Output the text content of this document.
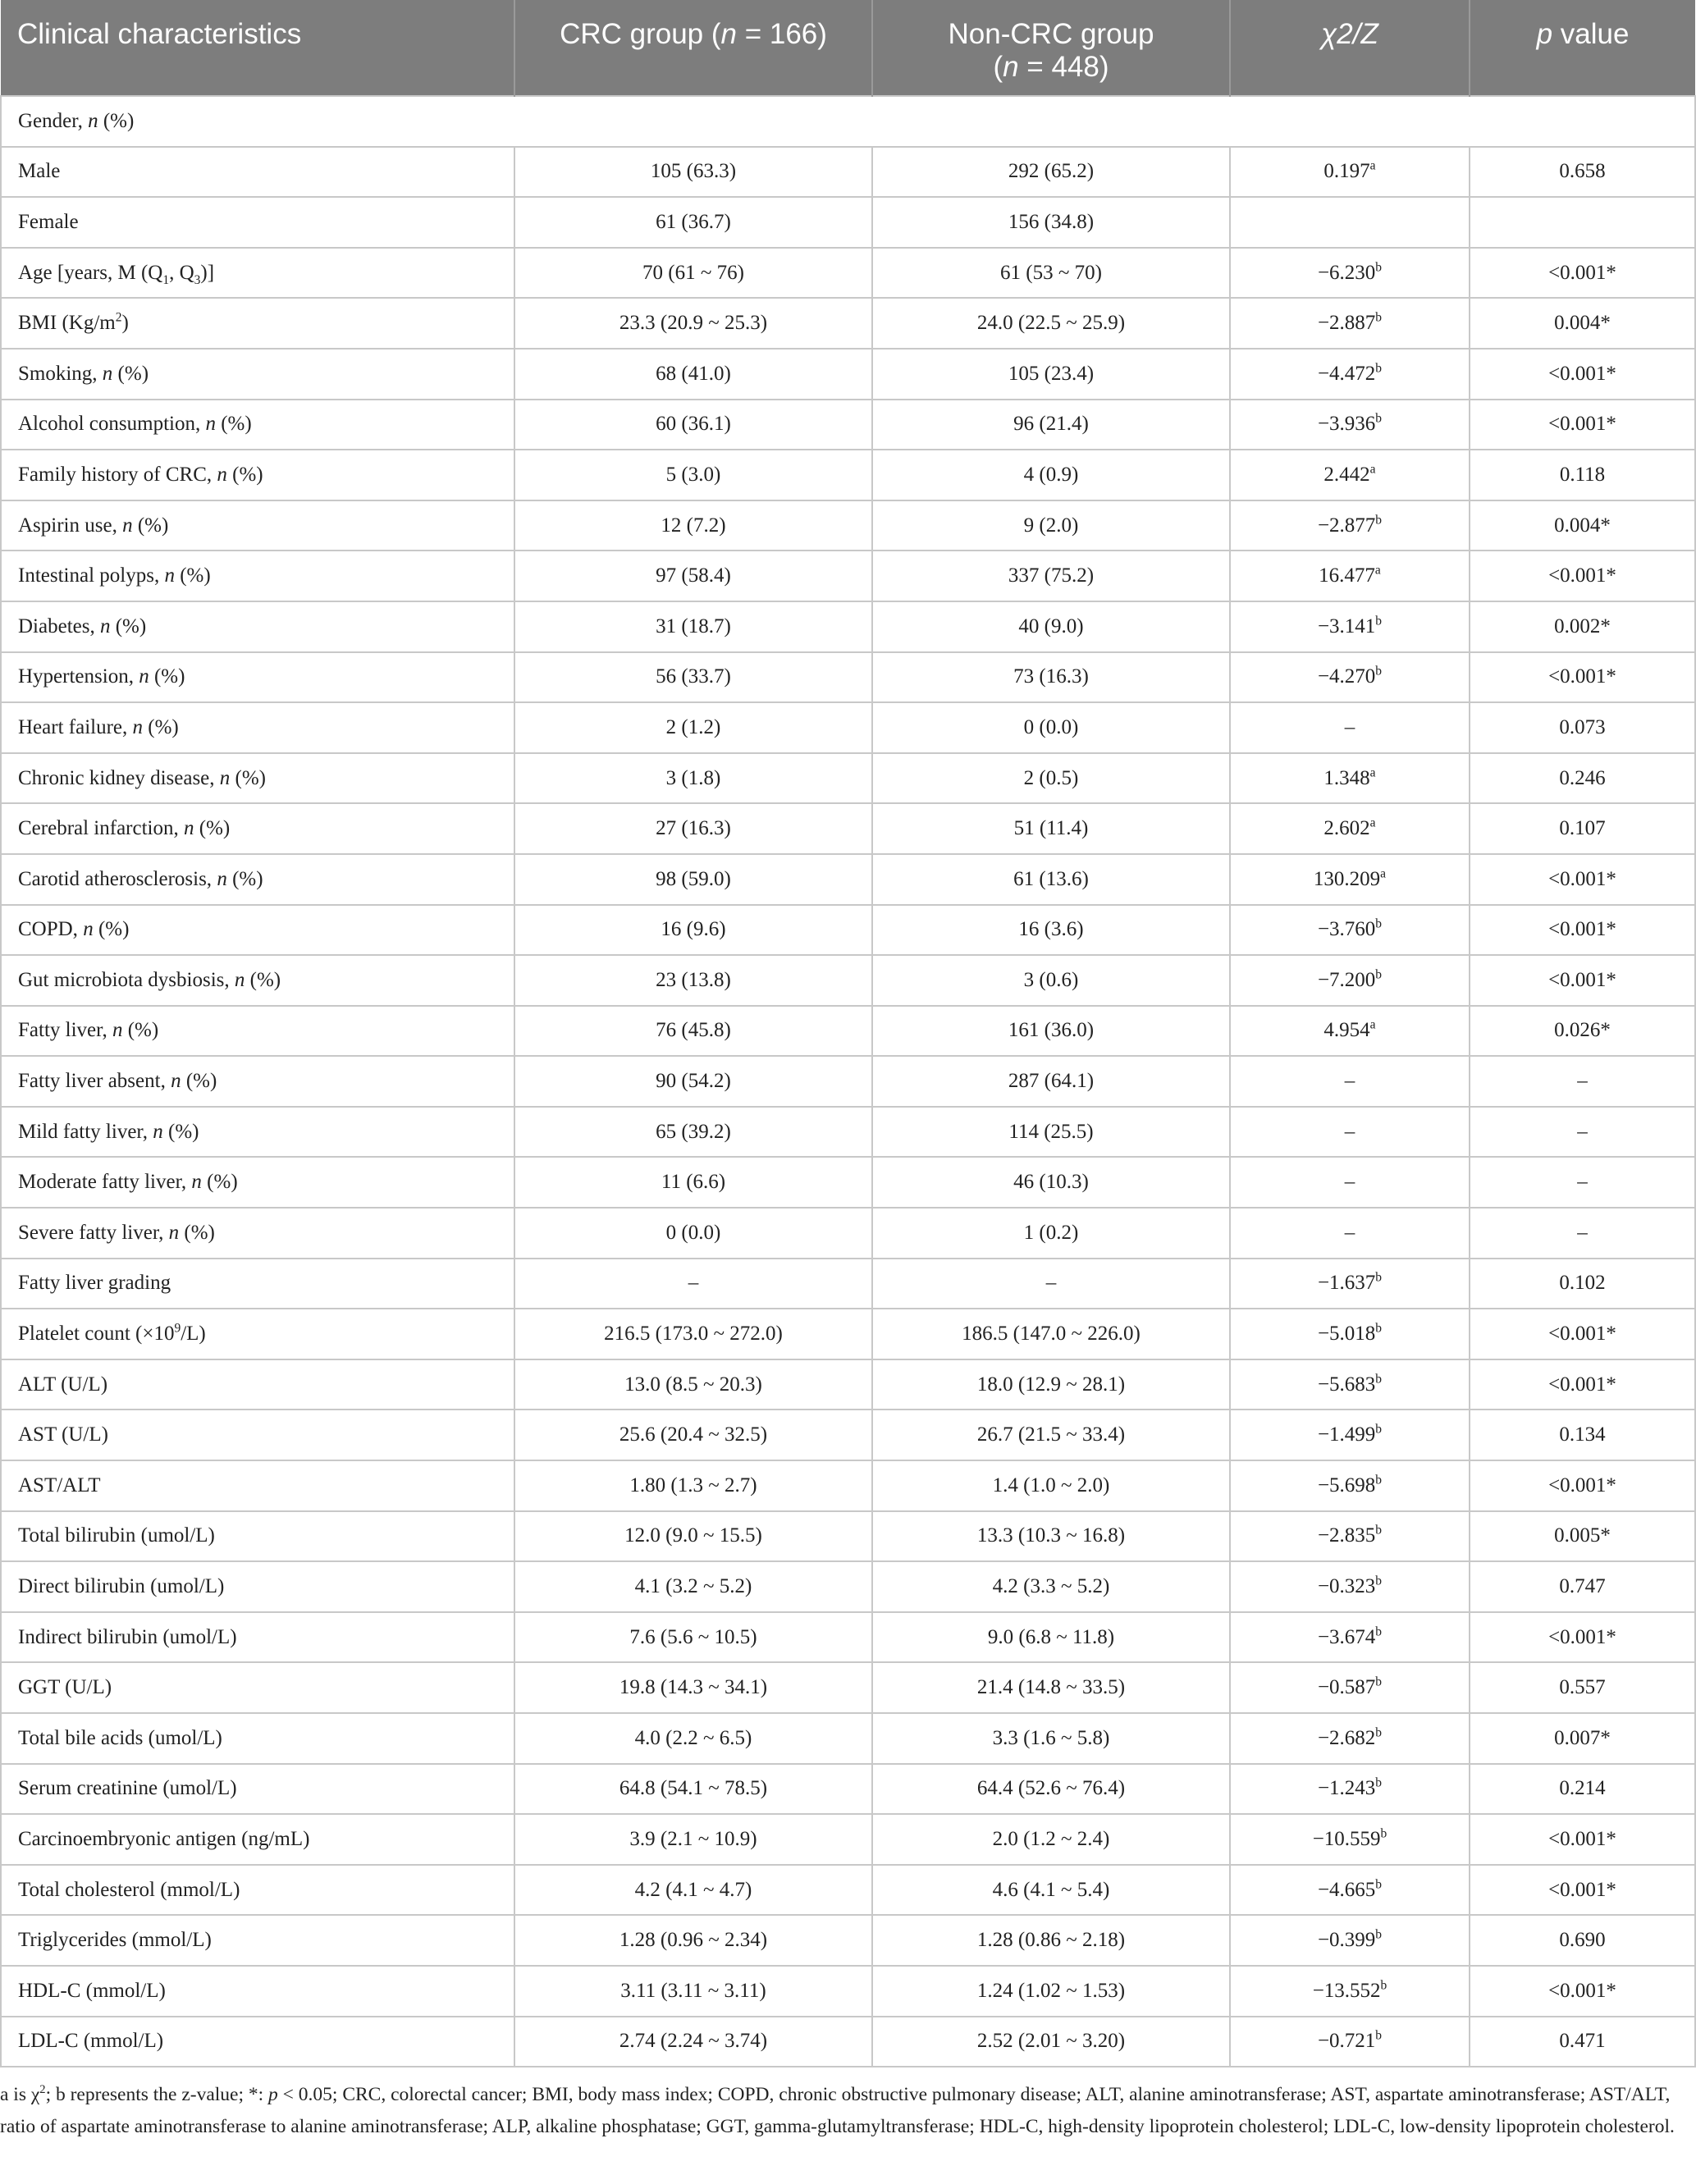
Clinical characteristics	CRC group (n = 166)	Non-CRC group
(n = 448)	χ2/Z	p value
Gender, n (%)				
Male	105 (63.3)	292 (65.2)	0.197$^a$	0.658
Female	61 (36.7)	156 (34.8)		
Age [years, M ($Q_1$, $Q_3$)]	70 (61 ~ 76)	61 (53 ~ 70)	−6.230$^b$	<0.001*
BMI $(Kg/m^2)$	23.3 (20.9 ~ 25.3)	24.0 (22.5 ~ 25.9)	−2.887$^b$	0.004*
Smoking, n (%)	68 (41.0)	105 (23.4)	−4.472$^b$	<0.001*
Alcohol consumption, n (%)	60 (36.1)	96 (21.4)	−3.936$^b$	<0.001*
Family history of CRC, n (%)	5 (3.0)	4 (0.9)	2.442$^a$	0.118
Aspirin use, n (%)	12 (7.2)	9 (2.0)	−2.877$^b$	0.004*
Intestinal polyps, n (%)	97 (58.4)	337 (75.2)	16.477$^a$	<0.001*
Diabetes, n (%)	31 (18.7)	40 (9.0)	−3.141$^b$	0.002*
Hypertension, n (%)	56 (33.7)	73 (16.3)	−4.270$^b$	<0.001*
Heart failure, n (%)	2 (1.2)	0 (0.0)	–	0.073
Chronic kidney disease, n (%)	3 (1.8)	2 (0.5)	1.348$^a$	0.246
Cerebral infarction, n (%)	27 (16.3)	51 (11.4)	2.602$^a$	0.107
Carotid atherosclerosis, n (%)	98 (59.0)	61 (13.6)	130.209$^a$	<0.001*
COPD, n (%)	16 (9.6)	16 (3.6)	−3.760$^b$	<0.001*
Gut microbiota dysbiosis, n (%)	23 (13.8)	3 (0.6)	−7.200$^b$	<0.001*
Fatty liver, n (%)	76 (45.8)	161 (36.0)	4.954$^a$	0.026*
Fatty liver absent, n (%)	90 (54.2)	287 (64.1)	–	–
Mild fatty liver, n (%)	65 (39.2)	114 (25.5)	–	–
Moderate fatty liver, n (%)	11 (6.6)	46 (10.3)	–	–
Severe fatty liver, n (%)	0 (0.0)	1 (0.2)	–	–
Fatty liver grading	–	–	−1.637$^b$	0.102
Platelet count $(\times 10^9/L)$	216.5 (173.0 ~ 272.0)	186.5 (147.0 ~ 226.0)	−5.018$^b$	<0.001*
ALT (U/L)	13.0 (8.5 ~ 20.3)	18.0 (12.9 ~ 28.1)	−5.683$^b$	<0.001*
AST (U/L)	25.6 (20.4 ~ 32.5)	26.7 (21.5 ~ 33.4)	−1.499$^b$	0.134
AST/ALT	1.80 (1.3 ~ 2.7)	1.4 (1.0 ~ 2.0)	−5.698$^b$	<0.001*
Total bilirubin (umol/L)	12.0 (9.0 ~ 15.5)	13.3 (10.3 ~ 16.8)	−2.835$^b$	0.005*
Direct bilirubin (umol/L)	4.1 (3.2 ~ 5.2)	4.2 (3.3 ~ 5.2)	−0.323$^b$	0.747
Indirect bilirubin (umol/L)	7.6 (5.6 ~ 10.5)	9.0 (6.8 ~ 11.8)	−3.674$^b$	<0.001*
GGT (U/L)	19.8 (14.3 ~ 34.1)	21.4 (14.8 ~ 33.5)	−0.587$^b$	0.557
Total bile acids (umol/L)	4.0 (2.2 ~ 6.5)	3.3 (1.6 ~ 5.8)	−2.682$^b$	0.007*
Serum creatinine (umol/L)	64.8 (54.1 ~ 78.5)	64.4 (52.6 ~ 76.4)	−1.243$^b$	0.214
Carcinoembryonic antigen (ng/mL)	3.9 (2.1 ~ 10.9)	2.0 (1.2 ~ 2.4)	−10.559$^b$	<0.001*
Total cholesterol (mmol/L)	4.2 (4.1 ~ 4.7)	4.6 (4.1 ~ 5.4)	−4.665$^b$	<0.001*
Triglycerides (mmol/L)	1.28 (0.96 ~ 2.34)	1.28 (0.86 ~ 2.18)	−0.399$^b$	0.690
HDL-C (mmol/L)	3.11 (3.11 ~ 3.11)	1.24 (1.02 ~ 1.53)	−13.552$^b$	<0.001*
LDL-C (mmol/L)	2.74 (2.24 ~ 3.74)	2.52 (2.01 ~ 3.20)	−0.721$^b$	0.471
a is $\chi^2$; b represents the z-value; *: p < 0.05; CRC, colorectal cancer; BMI, body mass index; COPD, chronic obstructive pulmonary disease; ALT, alanine aminotransferase; AST, aspartate aminotransferase; AST/ALT, ratio of aspartate aminotransferase to alanine aminotransferase; ALP, alkaline phosphatase; GGT, gamma-glutamyltransferase; HDL-C, high-density lipoprotein cholesterol; LDL-C, low-density lipoprotein cholesterol.
